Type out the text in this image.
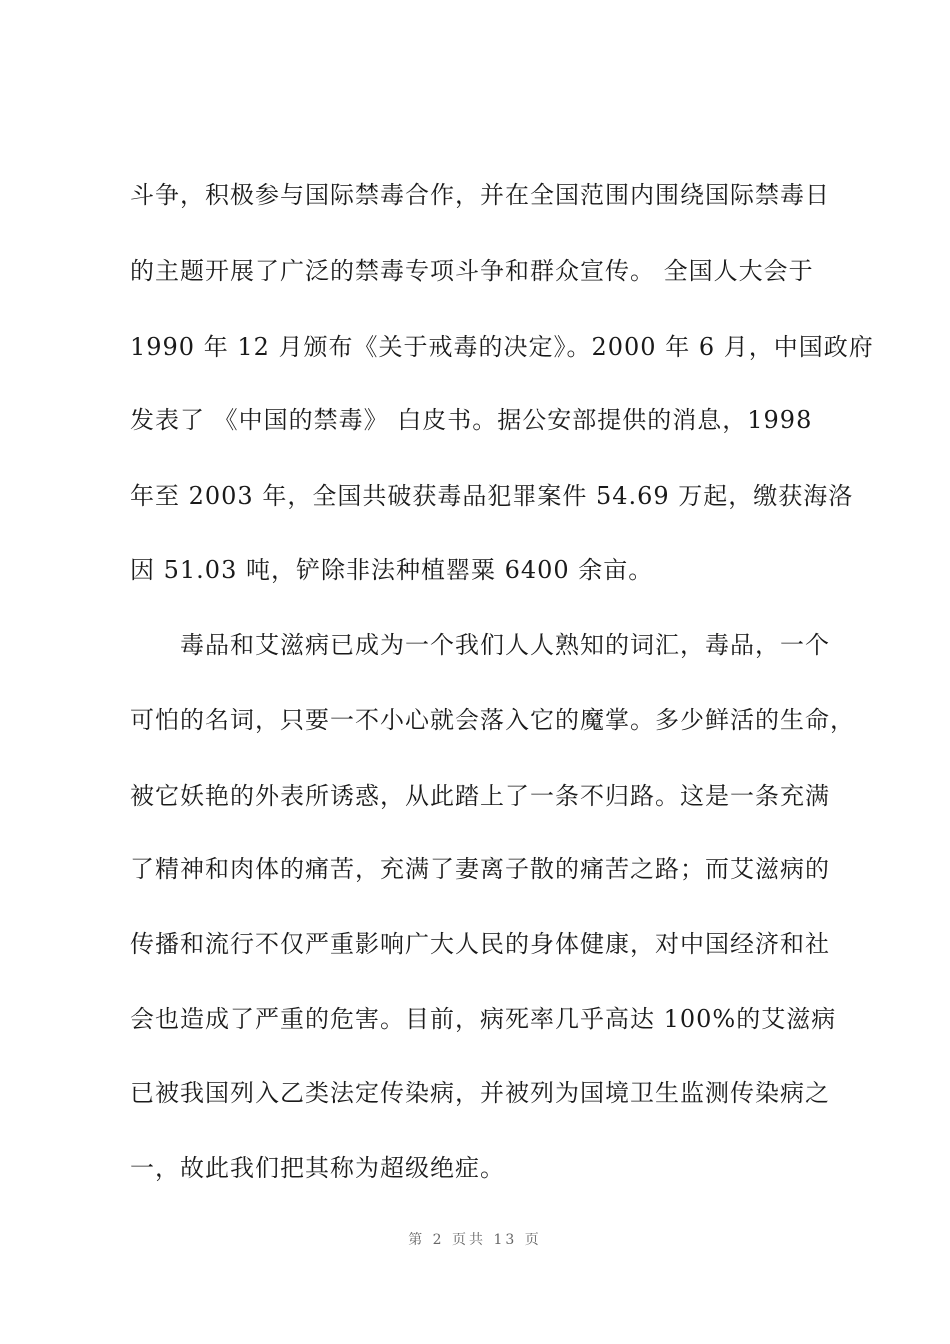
斗争，积极参与国际禁毒合作，并在全国范围内围绕国际禁毒日
的主题开展了广泛的禁毒专项斗争和群众宣传。 全国人大会于
1990 年 12 月颁布《关于戒毒的决定》。2000 年 6 月，中国政府
发表了 《中国的禁毒》 白皮书。据公安部提供的消息，1998
年至 2003 年，全国共破获毒品犯罪案件 54.69 万起，缴获海洛
因 51.03 吨，铲除非法种植罂粟 6400 余亩。
　　毒品和艾滋病已成为一个我们人人熟知的词汇，毒品，一个
可怕的名词，只要一不小心就会落入它的魔掌。多少鲜活的生命，
被它妖艳的外表所诱惑，从此踏上了一条不归路。这是一条充满
了精神和肉体的痛苦，充满了妻离子散的痛苦之路；而艾滋病的
传播和流行不仅严重影响广大人民的身体健康，对中国经济和社
会也造成了严重的危害。目前，病死率几乎高达 100%的艾滋病
已被我国列入乙类法定传染病，并被列为国境卫生监测传染病之
一，故此我们把其称为超级绝症。
第 2 页共 13 页
